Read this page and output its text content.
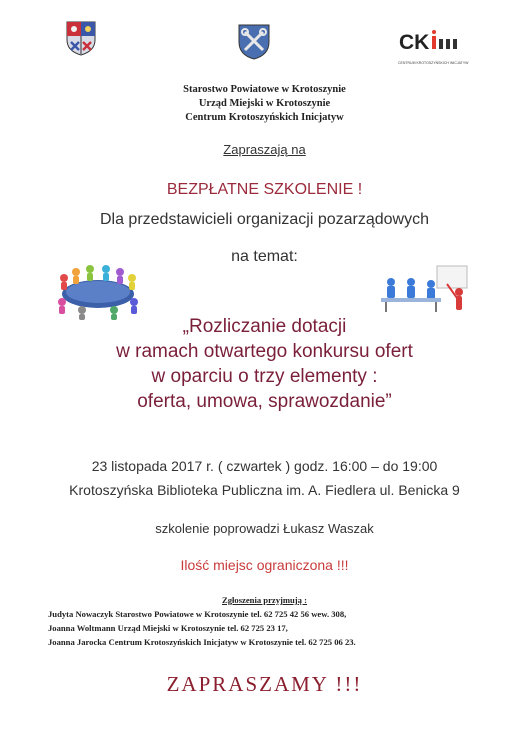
CK
CENTRUM KROTOSZYŃSKICH INICJATYW
Starostwo Powiatowe w Krotoszynie
Urząd Miejski w Krotoszynie
Centrum Krotoszyńskich Inicjatyw
Zapraszają na
BEZPŁATNE SZKOLENIE !
Dla przedstawicieli organizacji pozarządowych
na temat:
„Rozliczanie dotacji
w ramach otwartego konkursu ofert
w oparciu o trzy elementy :
oferta, umowa, sprawozdanie”
23 listopada 2017 r. ( czwartek ) godz. 16:00 – do 19:00
Krotoszyńska Biblioteka Publiczna im. A. Fiedlera ul. Benicka 9
szkolenie poprowadzi Łukasz Waszak
Ilość miejsc ograniczona !!!
Zgłoszenia przyjmują :
Judyta Nowaczyk Starostwo Powiatowe w Krotoszynie tel. 62 725 42 56 wew. 308,
Joanna Woltmann Urząd Miejski w Krotoszynie tel. 62 725 23 17,
Joanna Jarocka Centrum Krotoszyńskich Inicjatyw w Krotoszynie tel. 62 725 06 23.
ZAPRASZAMY !!!
